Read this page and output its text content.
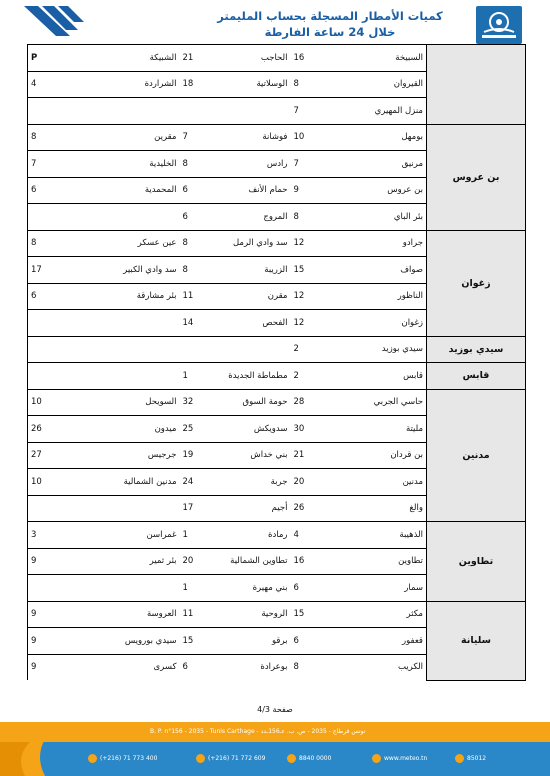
كميات الأمطار المسجلة بحساب المليمتر
خلال 24 ساعة الفارطة
P	الشبيكة	21	الحاجب	16	السبيخة	
4	الشراردة	18	الوسلاتية	8	القيروان	
				7	منزل المهيري	
8	مقرين	7	فوشانة	10	بومهل	بن عروس
7	الخليدية	8	رادس	7	مرنيق	
6	المحمدية	6	حمام الأنف	9	بن عروس	
		6	المروج	8	بئر الباي	
8	عين عسكر	8	سد وادي الرمل	12	جرادو	زغوان
17	سد وادي الكبير	8	الزريبة	15	صواف	
6	بئر مشارقة	11	مقرن	12	الناظور	
		14	الفحص	12	زغوان	
				2	سيدي بوزيد	سيدي بوزيد
		1	مطماطة الجديدة	2	قابس	قابس
10	السويحل	32	حومة السوق	28	حاسي الجربي	مدنين
26	ميدون	25	سدويكش	30	مليتة	
27	جرجيس	19	بني خداش	21	بن قردان	
10	مدنين الشمالية	24	جربة	20	مدنين	
		17	أجيم	26	والغ	
3	غمراسن	1	رمادة	4	الذهيبة	تطاوين
9	بئر ثمير	20	تطاوين الشمالية	16	تطاوين	
		1	بني مهيرة	6	سمار	
9	العروسة	11	الروحية	15	مكثر	سليانة
9	سيدي بورويس	15	برقو	6	قعفور	
9	كسرى	6	بوعرادة	8	الكريب	
صفحة 4/3
B. P. n°156 - 2035 - Tunis Carthage - تونس قرطاج - 2035 - ص. ب. عـ156ـدد
(+216) 71 773 400	(+216) 71 772 609	8840 0000	www.meteo.tn	85012
